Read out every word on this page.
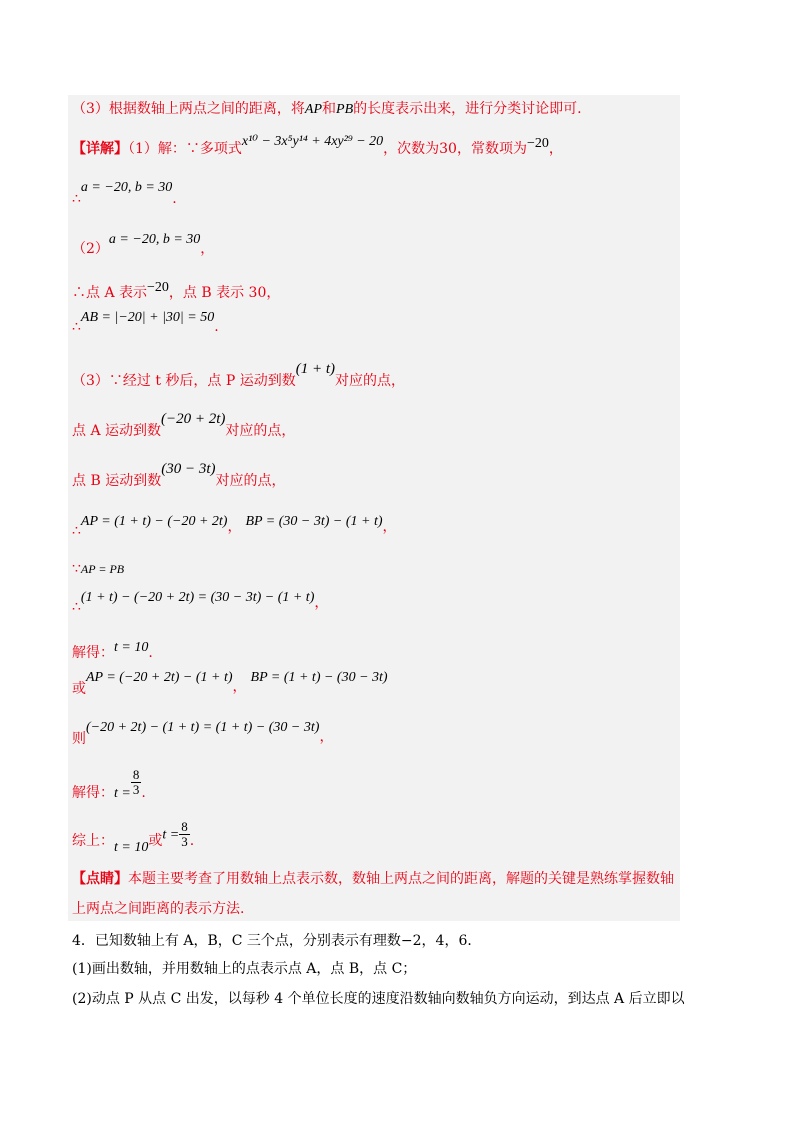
（3）根据数轴上两点之间的距离，将AP和PB的长度表示出来，进行分类讨论即可.
【详解】（1）解：∵多项式x¹⁰ − 3x⁵y¹⁴ + 4xy²⁹ − 20，次数为30，常数项为−20，
∴a = −20, b = 30.
（2）a = −20, b = 30，
∴点 A 表示−20，点 B 表示 30，
∴AB = |−20| + |30| = 50.
（3）∵经过 t 秒后，点 P 运动到数(1 + t)对应的点，
点 A 运动到数(−20 + 2t)对应的点，
点 B 运动到数(30 − 3t)对应的点，
∴AP = (1 + t) − (−20 + 2t)， BP = (30 − 3t) − (1 + t)，
∵AP = PB
∴(1 + t) − (−20 + 2t) = (30 − 3t) − (1 + t)，
解得：t = 10.
或AP = (−20 + 2t) − (1 + t)，BP = (1 + t) − (30 − 3t)
则(−20 + 2t) − (1 + t) = (1 + t) − (30 − 3t)，
解得：$t = \frac{8}{3}$ .
综上：t = 10或$t = \frac{8}{3}$ .
【点睛】本题主要考查了用数轴上点表示数，数轴上两点之间的距离，解题的关键是熟练掌握数轴
上两点之间距离的表示方法.
4．已知数轴上有 A，B，C 三个点，分别表示有理数−2，4，6．
(1)画出数轴，并用数轴上的点表示点 A，点 B，点 C；
(2)动点 P 从点 C 出发，以每秒 4 个单位长度的速度沿数轴向数轴负方向运动，到达点 A 后立即以
